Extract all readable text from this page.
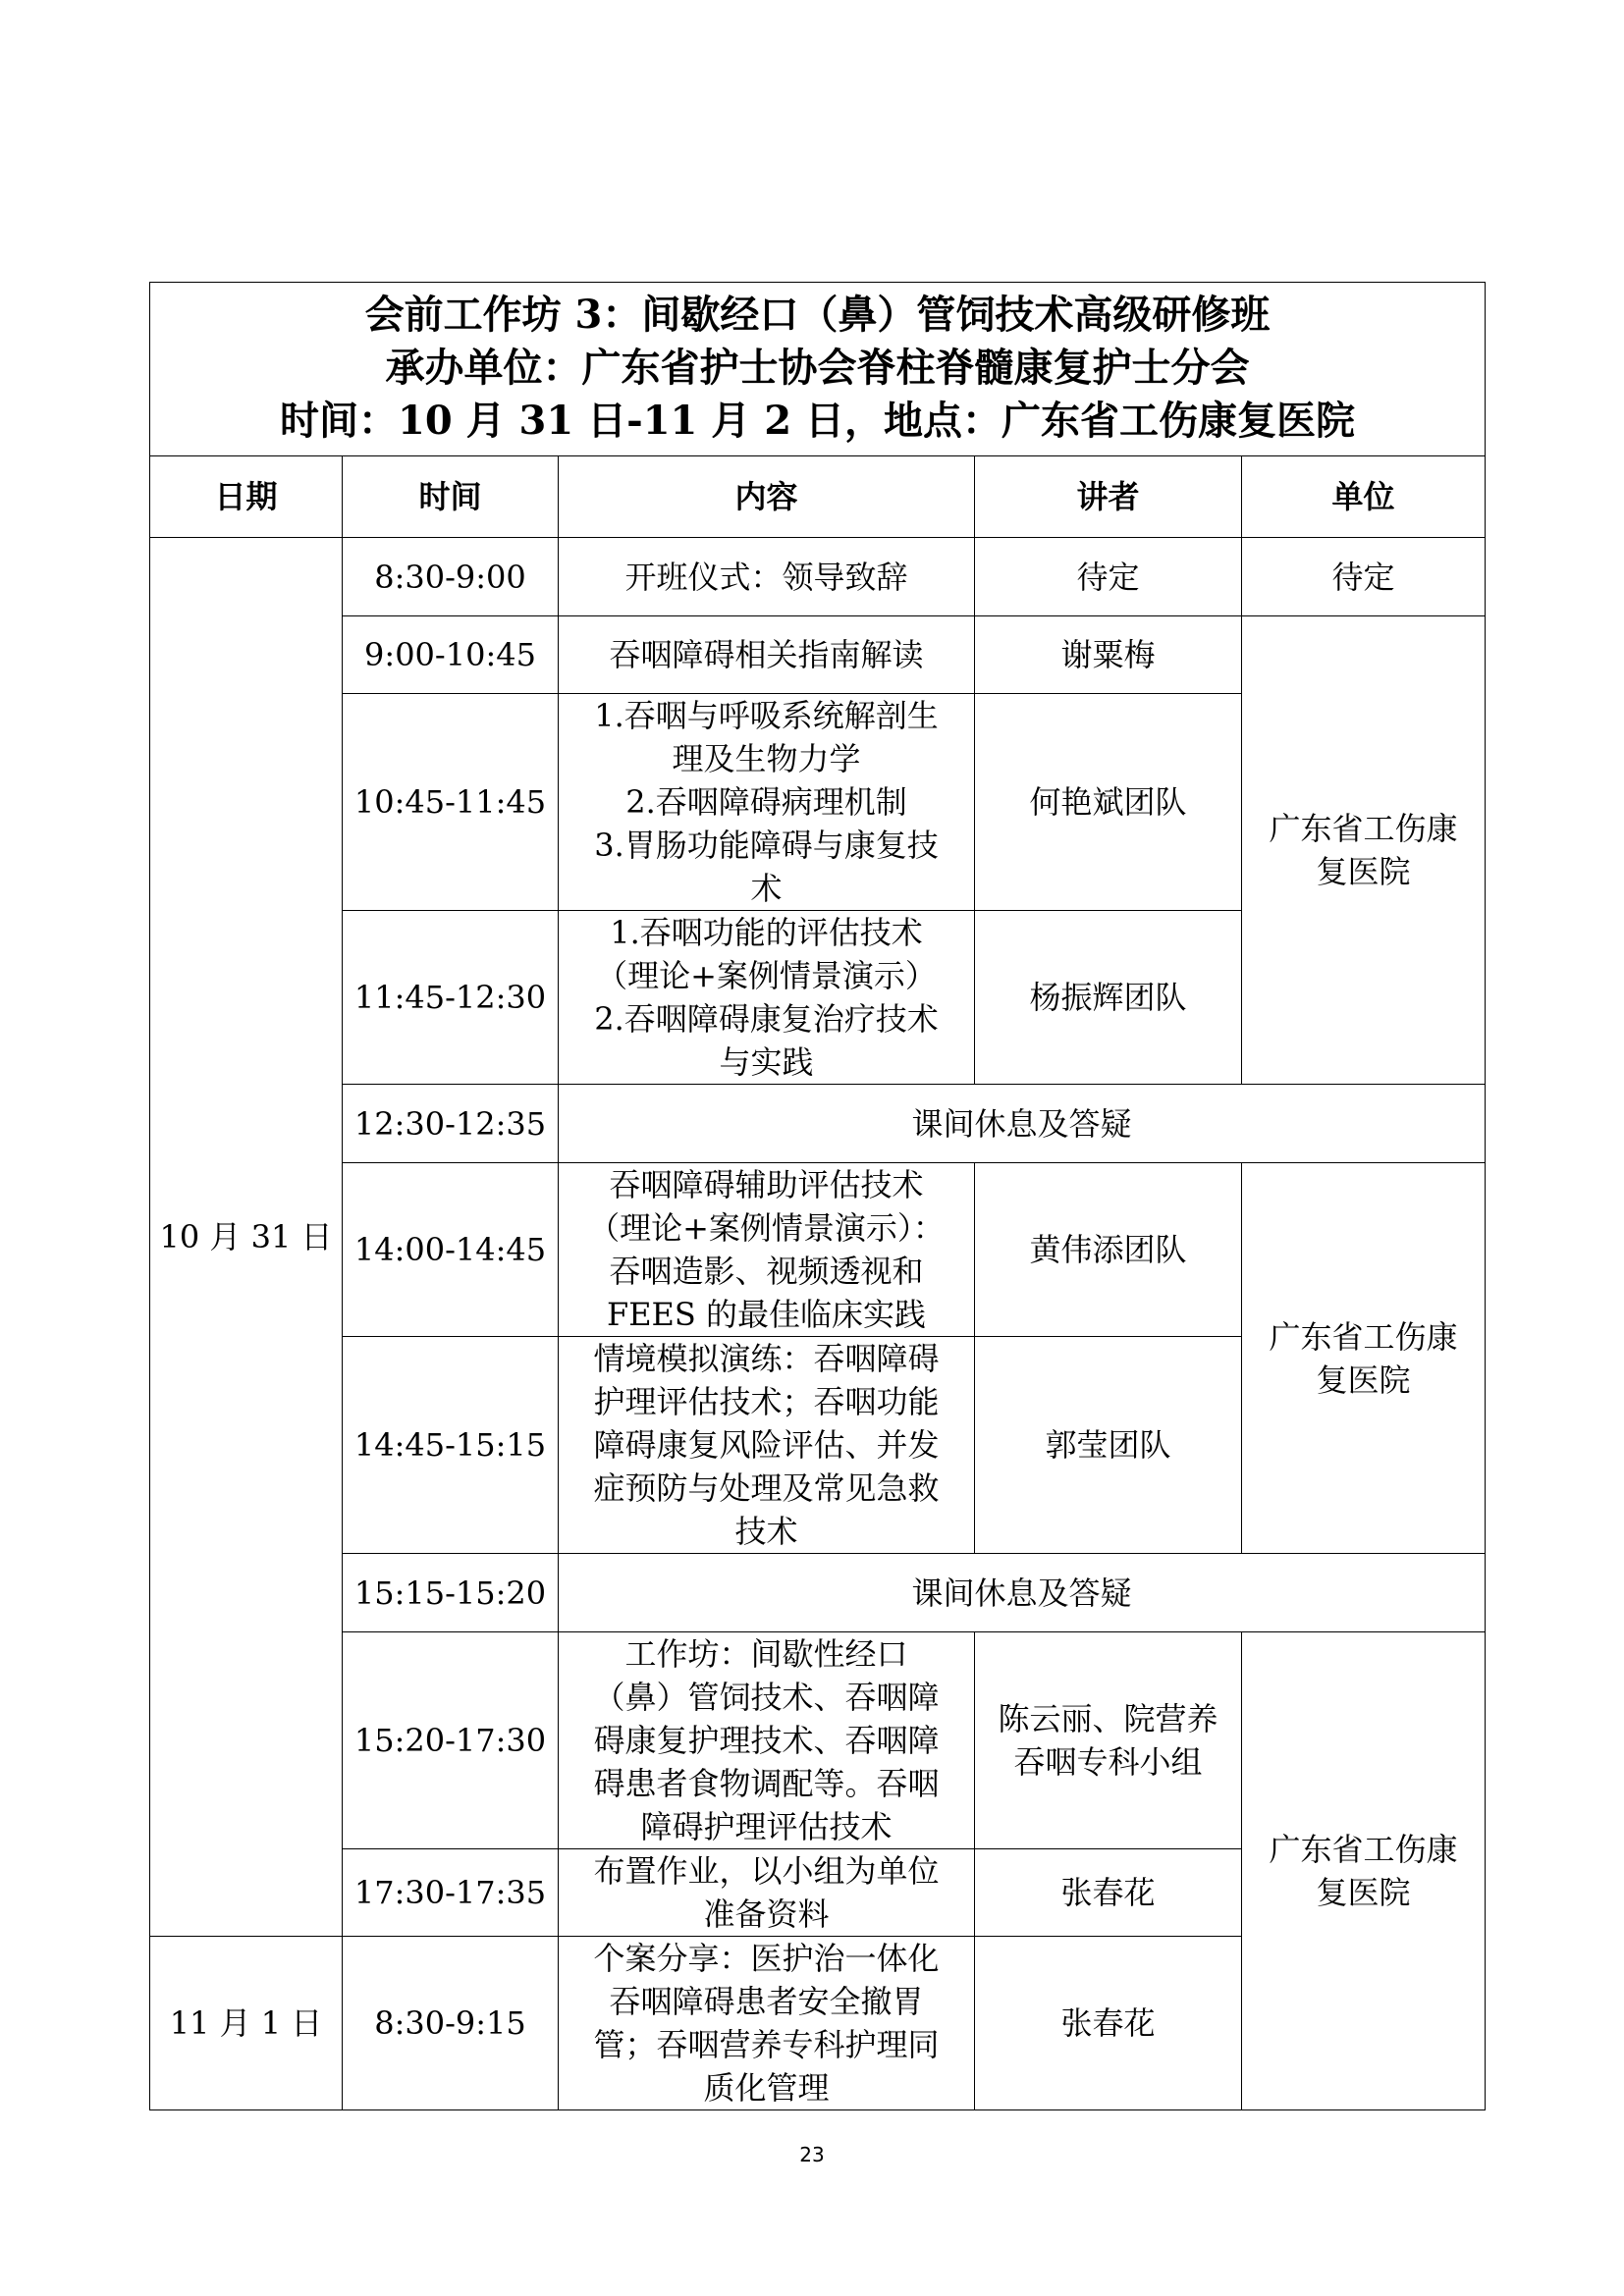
会前工作坊 3：间歇经口（鼻）管饲技术高级研修班
承办单位：广东省护士协会脊柱脊髓康复护士分会
时间：10 月 31 日-11 月 2 日，地点：广东省工伤康复医院				

日期	时间	内容	讲者	单位
10 月 31 日	8:30-9:00	开班仪式：领导致辞	待定	待定

	9:00-10:45	吞咽障碍相关指南解读	谢粟梅	广东省工伤康
复医院

	10:45-11:45	1.吞咽与呼吸系统解剖生
理及生物力学
2.吞咽障碍病理机制
3.胃肠功能障碍与康复技
术	何艳斌团队	

	11:45-12:30	1.吞咽功能的评估技术
（理论+案例情景演示）
2.吞咽障碍康复治疗技术
与实践	杨振辉团队	

	12:30-12:35	课间休息及答疑		

	14:00-14:45	吞咽障碍辅助评估技术
（理论+案例情景演示）：
吞咽造影、视频透视和
FEES 的最佳临床实践	黄伟添团队	广东省工伤康
复医院

	14:45-15:15	情境模拟演练：吞咽障碍
护理评估技术；吞咽功能
障碍康复风险评估、并发
症预防与处理及常见急救
技术	郭莹团队	

	15:15-15:20	课间休息及答疑		

	15:20-17:30	工作坊：间歇性经口
（鼻）管饲技术、吞咽障
碍康复护理技术、吞咽障
碍患者食物调配等。吞咽
障碍护理评估技术	陈云丽、院营养
吞咽专科小组	广东省工伤康
复医院

	17:30-17:35	布置作业，以小组为单位
准备资料	张春花	

11 月 1 日	8:30-9:15	个案分享：医护治一体化
吞咽障碍患者安全撤胃
管；吞咽营养专科护理同
质化管理	张春花	
23
